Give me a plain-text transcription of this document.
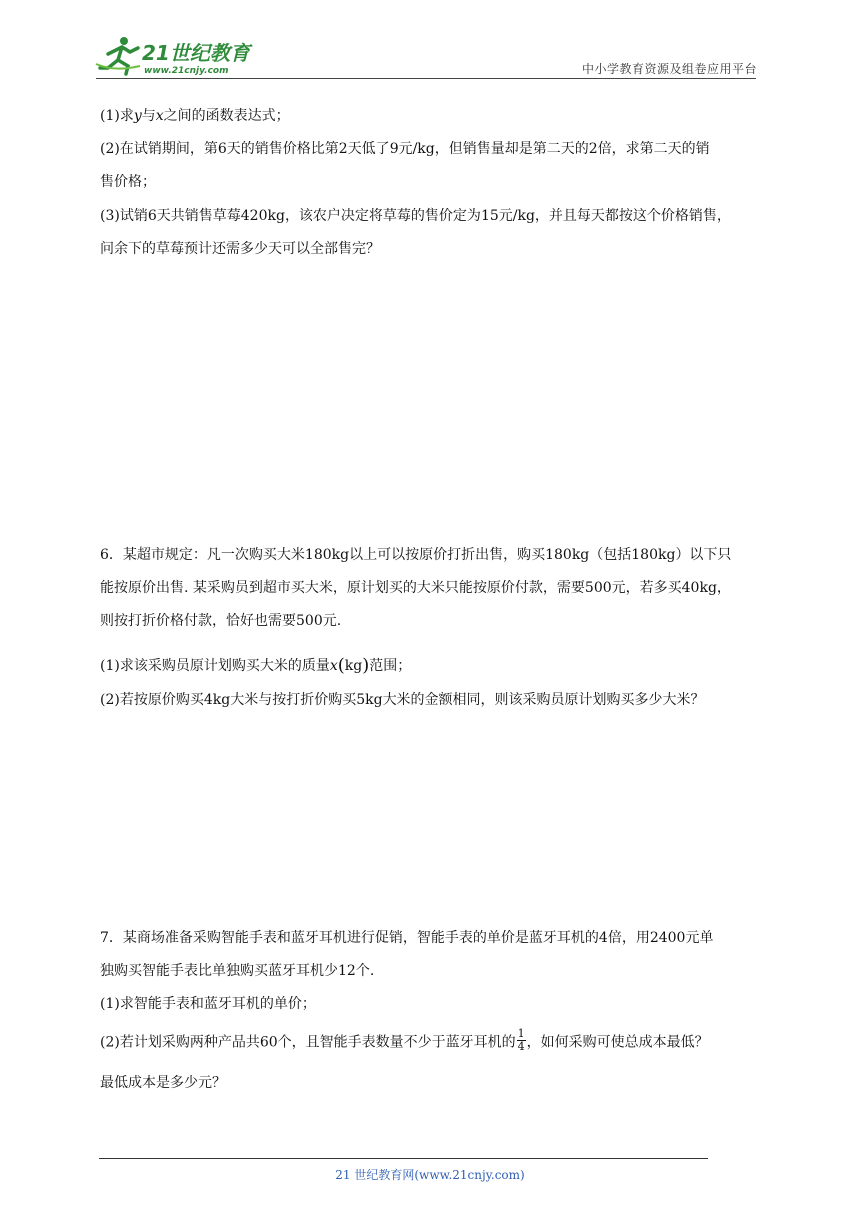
21世纪教育
www.21cnjy.com	中小学教育资源及组卷应用平台
(1)求y与x之间的函数表达式；
(2)在试销期间，第6天的销售价格比第2天低了9元/kg，但销售量却是第二天的2倍，求第二天的销
售价格；
(3)试销6天共销售草莓420kg，该农户决定将草莓的售价定为15元/kg，并且每天都按这个价格销售，
问余下的草莓预计还需多少天可以全部售完？
6．某超市规定：凡一次购买大米180kg以上可以按原价打折出售，购买180kg（包括180kg）以下只
能按原价出售. 某采购员到超市买大米，原计划买的大米只能按原价付款，需要500元，若多买40kg，
则按打折价格付款，恰好也需要500元.
(1)求该采购员原计划购买大米的质量x(kg)范围；
(2)若按原价购买4kg大米与按打折价购买5kg大米的金额相同，则该采购员原计划购买多少大米？
7．某商场准备采购智能手表和蓝牙耳机进行促销，智能手表的单价是蓝牙耳机的4倍，用2400元单
独购买智能手表比单独购买蓝牙耳机少12个.
(1)求智能手表和蓝牙耳机的单价；
(2)若计划采购两种产品共60个，且智能手表数量不少于蓝牙耳机的 $\frac{1}{4}$ ，如何采购可使总成本最低？
最低成本是多少元？
21 世纪教育网(www.21cnjy.com)
